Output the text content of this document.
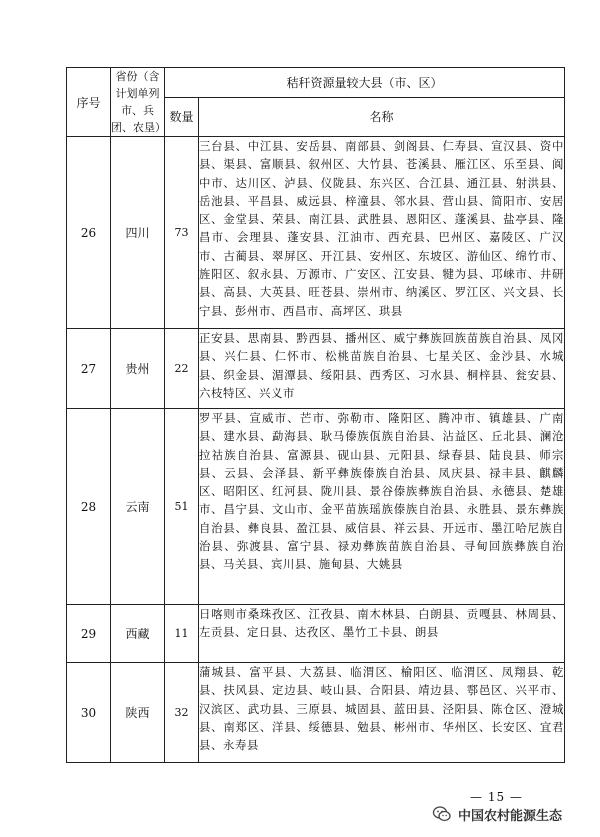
序号	省份（含计划单列市、兵团、农垦）	秸秆资源量较大县（市、区）	
		数量	名称
26	四川	73	三台县、中江县、安岳县、南部县、剑阁县、仁寿县、宣汉县、资中县、渠县、富顺县、叙州区、大竹县、苍溪县、雁江区、乐至县、阆中市、达川区、泸县、仪陇县、东兴区、合江县、通江县、射洪县、岳池县、平昌县、威远县、梓潼县、邻水县、营山县、简阳市、安居区、金堂县、荣县、南江县、武胜县、恩阳区、蓬溪县、盐亭县、隆昌市、会理县、蓬安县、江油市、西充县、巴州区、嘉陵区、广汉市、古蔺县、翠屏区、开江县、安州区、东坡区、游仙区、绵竹市、旌阳区、叙永县、万源市、广安区、江安县、犍为县、邛崃市、井研县、高县、大英县、旺苍县、崇州市、纳溪区、罗江区、兴文县、长宁县、彭州市、西昌市、高坪区、珙县
27	贵州	22	正安县、思南县、黔西县、播州区、威宁彝族回族苗族自治县、凤冈县、兴仁县、仁怀市、松桃苗族自治县、七星关区、金沙县、水城县、织金县、湄潭县、绥阳县、西秀区、习水县、桐梓县、瓮安县、六枝特区、兴义市
28	云南	51	罗平县、宣威市、芒市、弥勒市、隆阳区、腾冲市、镇雄县、广南县、建水县、勐海县、耿马傣族佤族自治县、沾益区、丘北县、澜沧拉祜族自治县、富源县、砚山县、元阳县、绿春县、陆良县、师宗县、云县、会泽县、新平彝族傣族自治县、凤庆县、禄丰县、麒麟区、昭阳区、红河县、陇川县、景谷傣族彝族自治县、永德县、楚雄市、昌宁县、文山市、金平苗族瑶族傣族自治县、永胜县、景东彝族自治县、彝良县、盈江县、威信县、祥云县、开远市、墨江哈尼族自治县、弥渡县、富宁县、禄劝彝族苗族自治县、寻甸回族彝族自治县、马关县、宾川县、施甸县、大姚县
29	西藏	11	日喀则市桑珠孜区、江孜县、南木林县、白朗县、贡嘎县、林周县、左贡县、定日县、达孜区、墨竹工卡县、朗县
30	陕西	32	蒲城县、富平县、大荔县、临渭区、榆阳区、临渭区、凤翔县、乾县、扶风县、定边县、岐山县、合阳县、靖边县、鄠邑区、兴平市、汉滨区、武功县、三原县、城固县、蓝田县、泾阳县、陈仓区、澄城县、南郑区、洋县、绥德县、勉县、彬州市、华州区、长安区、宜君县、永寿县
— 15 —
中国农村能源生态
